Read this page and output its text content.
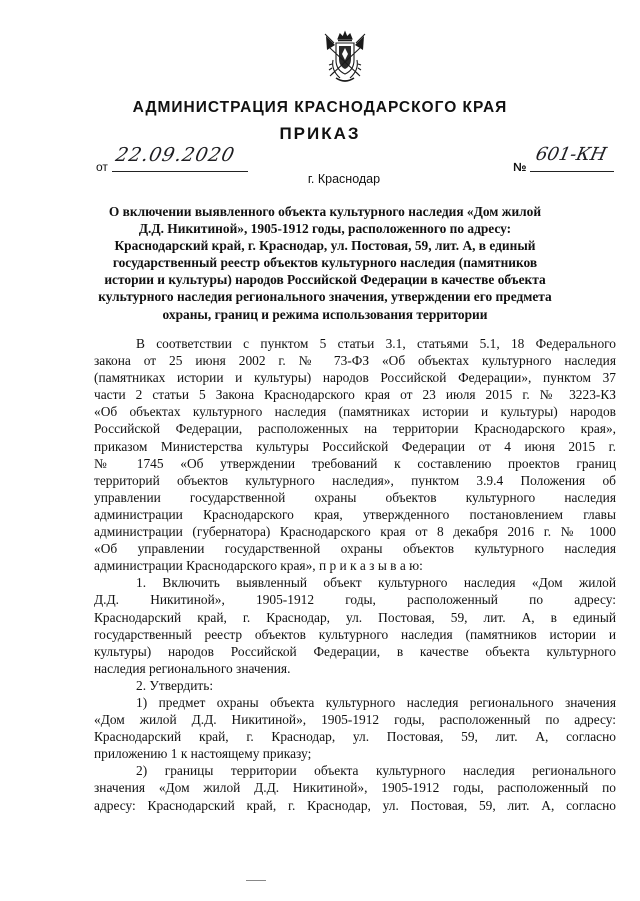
АДМИНИСТРАЦИЯ КРАСНОДАРСКОГО КРАЯ
ПРИКАЗ
от
22.09.2020
№
601-КН
г. Краснодар
О включении выявленного объекта культурного наследия «Дом жилой
Д.Д. Никитиной», 1905-1912 годы, расположенного по адресу:
Краснодарский край, г. Краснодар, ул. Постовая, 59, лит. А, в единый
государственный реестр объектов культурного наследия (памятников
истории и культуры) народов Российской Федерации в качестве объекта
культурного наследия регионального значения, утверждении его предмета
охраны, границ и режима использования территории
В соответствии с пунктом 5 статьи 3.1, статьями 5.1, 18 Федерального
закона от 25 июня 2002 г. № 73-ФЗ «Об объектах культурного наследия
(памятниках истории и культуры) народов Российской Федерации», пунктом 37
части 2 статьи 5 Закона Краснодарского края от 23 июля 2015 г. № 3223-КЗ
«Об объектах культурного наследия (памятниках истории и культуры) народов
Российской Федерации, расположенных на территории Краснодарского края»,
приказом Министерства культуры Российской Федерации от 4 июня 2015 г.
№ 1745 «Об утверждении требований к составлению проектов границ
территорий объектов культурного наследия», пунктом 3.9.4 Положения об
управлении государственной охраны объектов культурного наследия
администрации Краснодарского края, утвержденного постановлением главы
администрации (губернатора) Краснодарского края от 8 декабря 2016 г. № 1000
«Об управлении государственной охраны объектов культурного наследия
администрации Краснодарского края», п р и к а з ы в а ю:
1. Включить выявленный объект культурного наследия «Дом жилой
Д.Д. Никитиной», 1905-1912 годы, расположенный по адресу:
Краснодарский край, г. Краснодар, ул. Постовая, 59, лит. А, в единый
государственный реестр объектов культурного наследия (памятников истории и
культуры) народов Российской Федерации, в качестве объекта культурного
наследия регионального значения.
2. Утвердить:
1) предмет охраны объекта культурного наследия регионального значения
«Дом жилой Д.Д. Никитиной», 1905-1912 годы, расположенный по адресу:
Краснодарский край, г. Краснодар, ул. Постовая, 59, лит. А, согласно
приложению 1 к настоящему приказу;
2) границы территории объекта культурного наследия регионального
значения «Дом жилой Д.Д. Никитиной», 1905-1912 годы, расположенный по
адресу: Краснодарский край, г. Краснодар, ул. Постовая, 59, лит. А, согласно
